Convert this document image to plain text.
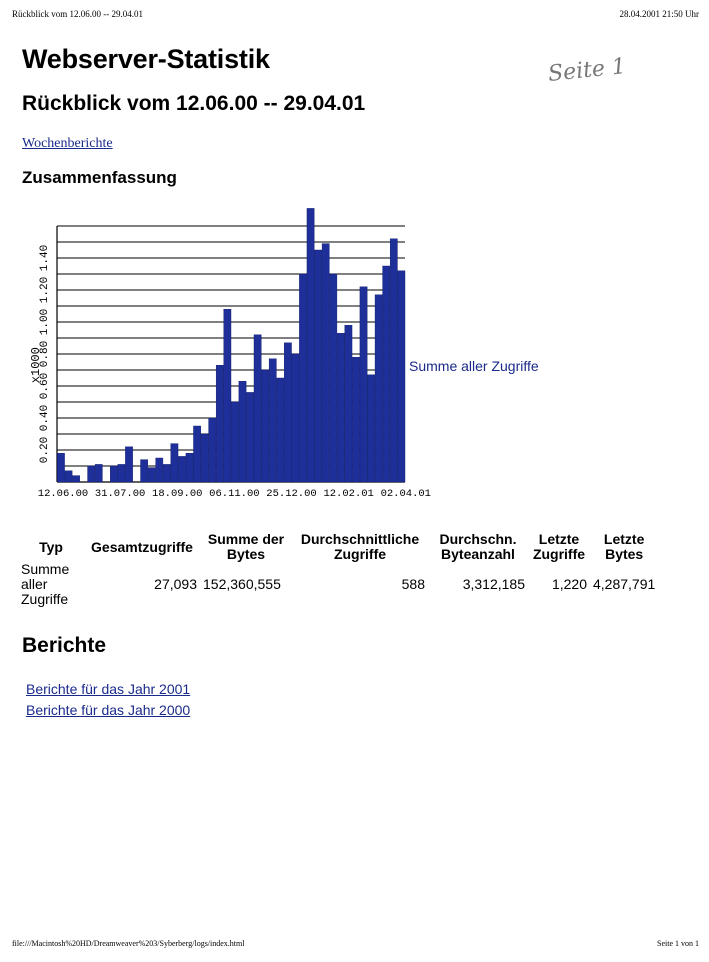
Rückblick vom 12.06.00 -- 29.04.01	28.04.2001 21:50 Uhr
Seite 1
Webserver-Statistik
Rückblick vom 12.06.00 -- 29.04.01
Wochenberichte
Zusammenfassung
0.20
0.40
0.60
0.80
1.00
1.20
1.40
x1000
12.06.00 31.07.00 18.09.00 06.11.00 25.12.00 12.02.01 02.04.01
Summe aller Zugriffe
Typ	Gesamtzugriffe	Summe der Bytes	Durchschnittliche Zugriffe	Durchschn. Byteanzahl	Letzte Zugriffe	Letzte Bytes
Summe aller Zugriffe	27,093	152,360,555	588	3,312,185	1,220	4,287,791
Berichte
Berichte für das Jahr 2001
Berichte für das Jahr 2000
file:///Macintosh%20HD/Dreamweaver%203/Syberberg/logs/index.html	Seite 1 von 1
